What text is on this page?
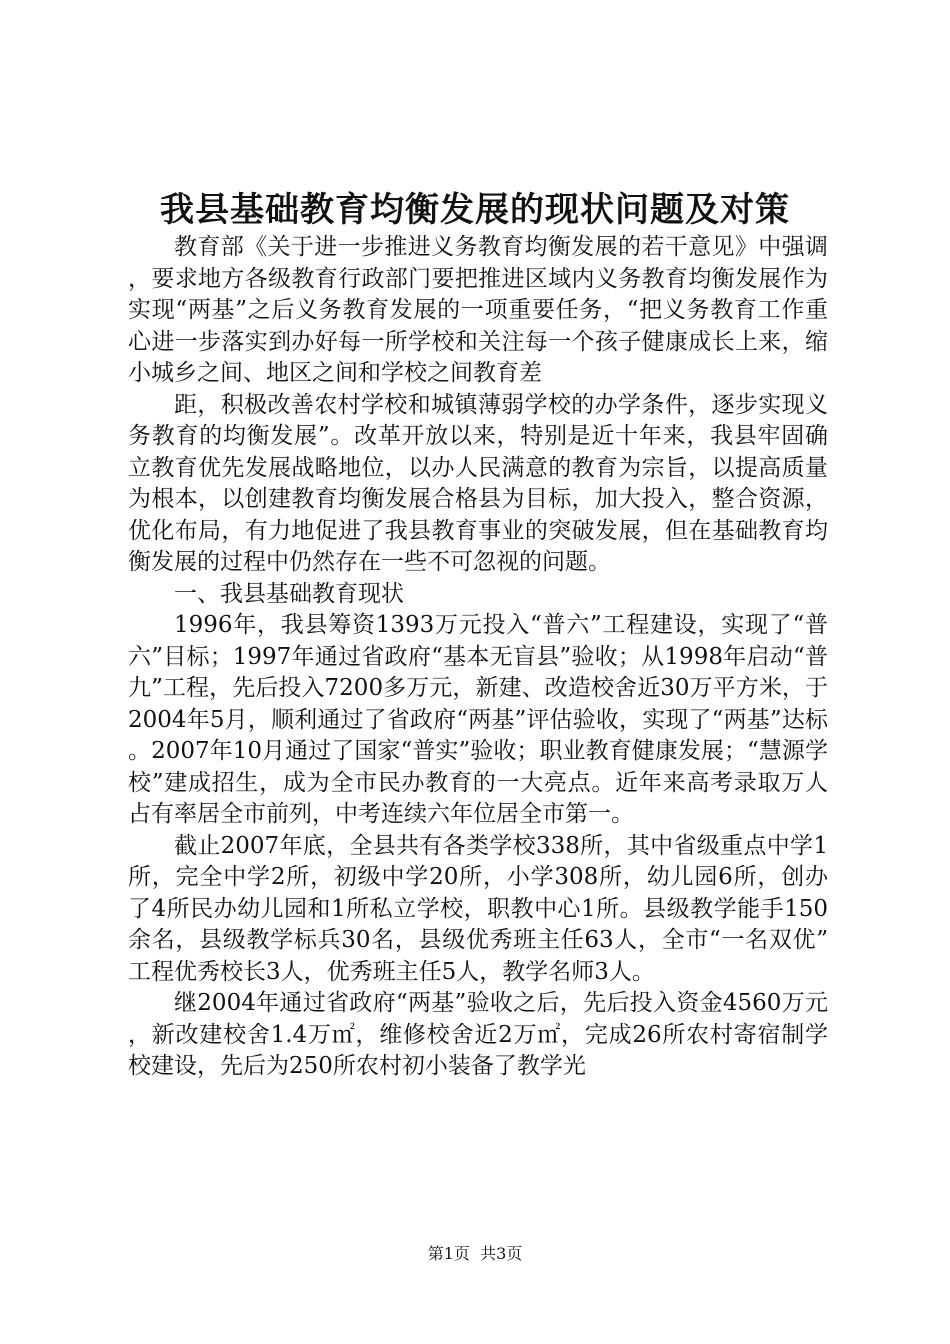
我县基础教育均衡发展的现状问题及对策

教育部《关于进一步推进义务教育均衡发展的若干意见》中强调，要求地方各级教育行政部门要把推进区域内义务教育均衡发展作为实现“两基”之后义务教育发展的一项重要任务，“把义务教育工作重心进一步落实到办好每一所学校和关注每一个孩子健康成长上来，缩小城乡之间、地区之间和学校之间教育差

距，积极改善农村学校和城镇薄弱学校的办学条件，逐步实现义务教育的均衡发展”。改革开放以来，特别是近十年来，我县牢固确立教育优先发展战略地位，以办人民满意的教育为宗旨，以提高质量为根本，以创建教育均衡发展合格县为目标，加大投入，整合资源，优化布局，有力地促进了我县教育事业的突破发展，但在基础教育均衡发展的过程中仍然存在一些不可忽视的问题。

一、我县基础教育现状

1996年，我县筹资1393万元投入“普六”工程建设，实现了“普六”目标；1997年通过省政府“基本无盲县”验收；从1998年启动“普九”工程，先后投入7200多万元，新建、改造校舍近30万平方米，于2004年5月，顺利通过了省政府“两基”评估验收，实现了“两基”达标。2007年10月通过了国家“普实”验收；职业教育健康发展；“慧源学校”建成招生，成为全市民办教育的一大亮点。近年来高考录取万人占有率居全市前列，中考连续六年位居全市第一。

截止2007年底，全县共有各类学校338所，其中省级重点中学1所，完全中学2所，初级中学20所，小学308所，幼儿园6所，创办了4所民办幼儿园和1所私立学校，职教中心1所。县级教学能手150余名，县级教学标兵30名，县级优秀班主任63人，全市“一名双优”工程优秀校长3人，优秀班主任5人，教学名师3人。

继2004年通过省政府“两基”验收之后，先后投入资金4560万元，新改建校舍1.4万㎡，维修校舍近2万㎡，完成26所农村寄宿制学校建设，先后为250所农村初小装备了教学光

第1页  共3页
